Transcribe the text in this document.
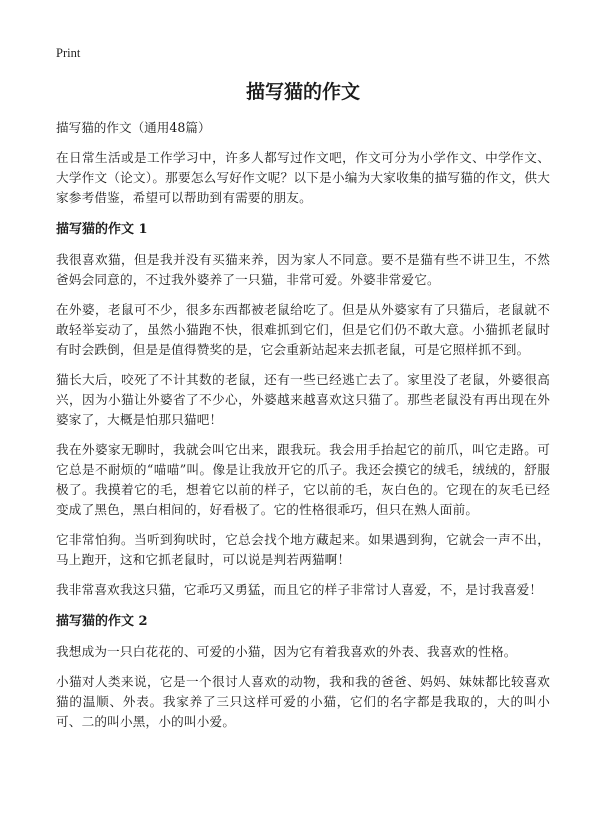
Print
描写猫的作文
描写猫的作文（通用48篇）

在日常生活或是工作学习中，许多人都写过作文吧，作文可分为小学作文、中学作文、大学作文（论文）。那要怎么写好作文呢？以下是小编为大家收集的描写猫的作文，供大家参考借鉴，希望可以帮助到有需要的朋友。

描写猫的作文 1

我很喜欢猫，但是我并没有买猫来养，因为家人不同意。要不是猫有些不讲卫生，不然爸妈会同意的，不过我外婆养了一只猫，非常可爱。外婆非常爱它。

在外婆，老鼠可不少，很多东西都被老鼠给吃了。但是从外婆家有了只猫后，老鼠就不敢轻举妄动了，虽然小猫跑不快，很难抓到它们，但是它们仍不敢大意。小猫抓老鼠时有时会跌倒，但是是值得赞奖的是，它会重新站起来去抓老鼠，可是它照样抓不到。

猫长大后，咬死了不计其数的老鼠，还有一些已经逃亡去了。家里没了老鼠，外婆很高兴，因为小猫让外婆省了不少心，外婆越来越喜欢这只猫了。那些老鼠没有再出现在外婆家了，大概是怕那只猫吧！

我在外婆家无聊时，我就会叫它出来，跟我玩。我会用手抬起它的前爪，叫它走路。可它总是不耐烦的“喵喵”叫。像是让我放开它的爪子。我还会摸它的绒毛，绒绒的，舒服极了。我摸着它的毛，想着它以前的样子，它以前的毛，灰白色的。它现在的灰毛已经变成了黑色，黑白相间的，好看极了。它的性格很乖巧，但只在熟人面前。

它非常怕狗。当听到狗吠时，它总会找个地方藏起来。如果遇到狗，它就会一声不出，马上跑开，这和它抓老鼠时，可以说是判若两猫啊！

我非常喜欢我这只猫，它乖巧又勇猛，而且它的样子非常讨人喜爱，不，是讨我喜爱！

描写猫的作文 2

我想成为一只白花花的、可爱的小猫，因为它有着我喜欢的外表、我喜欢的性格。

小猫对人类来说，它是一个很讨人喜欢的动物，我和我的爸爸、妈妈、妹妹都比较喜欢猫的温顺、外表。我家养了三只这样可爱的小猫，它们的名字都是我取的，大的叫小可、二的叫小黑，小的叫小爱。
